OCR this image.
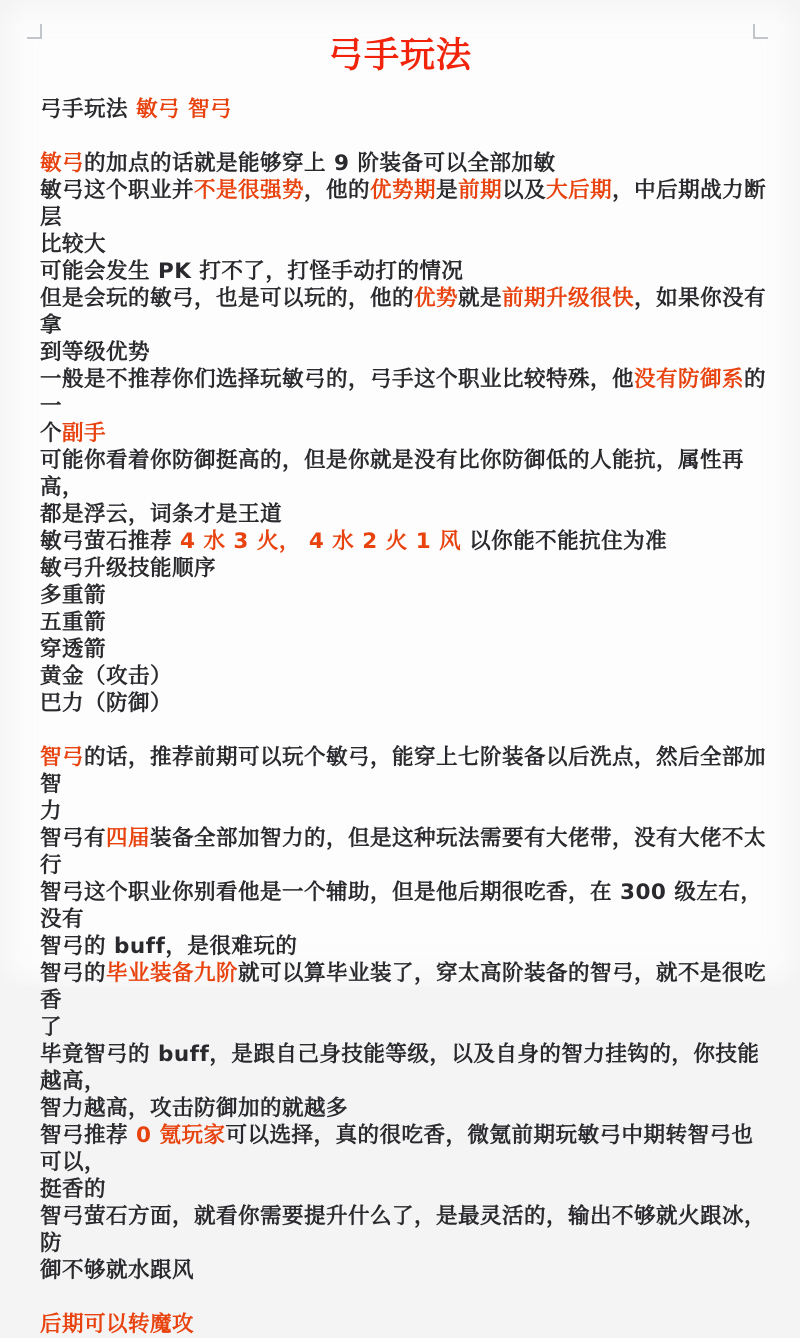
弓手玩法
弓手玩法 敏弓 智弓
敏弓的加点的话就是能够穿上 9 阶装备可以全部加敏
敏弓这个职业并不是很强势，他的优势期是前期以及大后期，中后期战力断层
比较大
可能会发生 PK 打不了，打怪手动打的情况
但是会玩的敏弓，也是可以玩的，他的优势就是前期升级很快，如果你没有拿
到等级优势
一般是不推荐你们选择玩敏弓的，弓手这个职业比较特殊，他没有防御系的一
个副手
可能你看着你防御挺高的，但是你就是没有比你防御低的人能抗，属性再高，
都是浮云，词条才是王道
敏弓萤石推荐 4 水 3 火， 4 水 2 火 1 风 以你能不能抗住为准
敏弓升级技能顺序
多重箭
五重箭
穿透箭
黄金（攻击）
巴力（防御）
智弓的话，推荐前期可以玩个敏弓，能穿上七阶装备以后洗点，然后全部加智
力
智弓有四届装备全部加智力的，但是这种玩法需要有大佬带，没有大佬不太行
智弓这个职业你别看他是一个辅助，但是他后期很吃香，在 300 级左右，没有
智弓的 buff，是很难玩的
智弓的毕业装备九阶就可以算毕业装了，穿太高阶装备的智弓，就不是很吃香
了
毕竟智弓的 buff，是跟自己身技能等级，以及自身的智力挂钩的，你技能越高，
智力越高，攻击防御加的就越多
智弓推荐 0 氪玩家可以选择，真的很吃香，微氪前期玩敏弓中期转智弓也可以，
挺香的
智弓萤石方面，就看你需要提升什么了，是最灵活的，输出不够就火跟冰，防
御不够就水跟风
后期可以转魔攻
